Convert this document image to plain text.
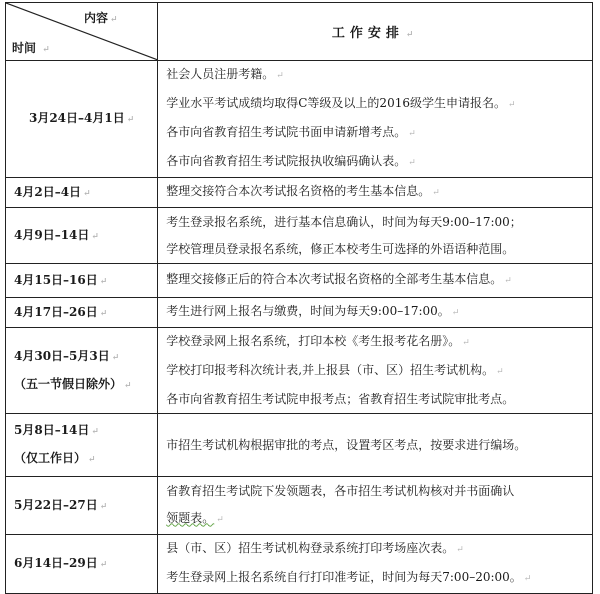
内容 ↵
时间 ↵	工作安排 ↵
3月24日–4月1日 ↵	社会人员注册考籍。 ↵
学业水平考试成绩均取得C等级及以上的2016级学生申请报名。 ↵
各市向省教育招生考试院书面申请新增考点。 ↵
各市向省教育招生考试院报执收编码确认表。 ↵

4月2日–4日 ↵	整理交接符合本次考试报名资格的考生基本信息。 ↵

4月9日–14日 ↵	考生登录报名系统，进行基本信息确认，时间为每天9:00–17:00；
学校管理员登录报名系统，修正本校考生可选择的外语语种范围。

4月15日–16日 ↵	整理交接修正后的符合本次考试报名资格的全部考生基本信息。 ↵

4月17日–26日 ↵	考生进行网上报名与缴费，时间为每天9:00–17:00。 ↵

4月30日–5月3日 ↵
（五一节假日除外） ↵	学校登录网上报名系统，打印本校《考生报考花名册》。 ↵
学校打印报考科次统计表,并上报县（市、区）招生考试机构。 ↵
各市向省教育招生考试院申报考点；省教育招生考试院审批考点。

5月8日–14日 ↵
（仅工作日） ↵	市招生考试机构根据审批的考点，设置考区考点，按要求进行编场。

5月22日–27日 ↵	省教育招生考试院下发领题表，各市招生考试机构核对并书面确认
领题表。 ↵

6月14日–29日 ↵	县（市、区）招生考试机构登录系统打印考场座次表。 ↵
考生登录网上报名系统自行打印准考证，时间为每天7:00–20:00。 ↵
